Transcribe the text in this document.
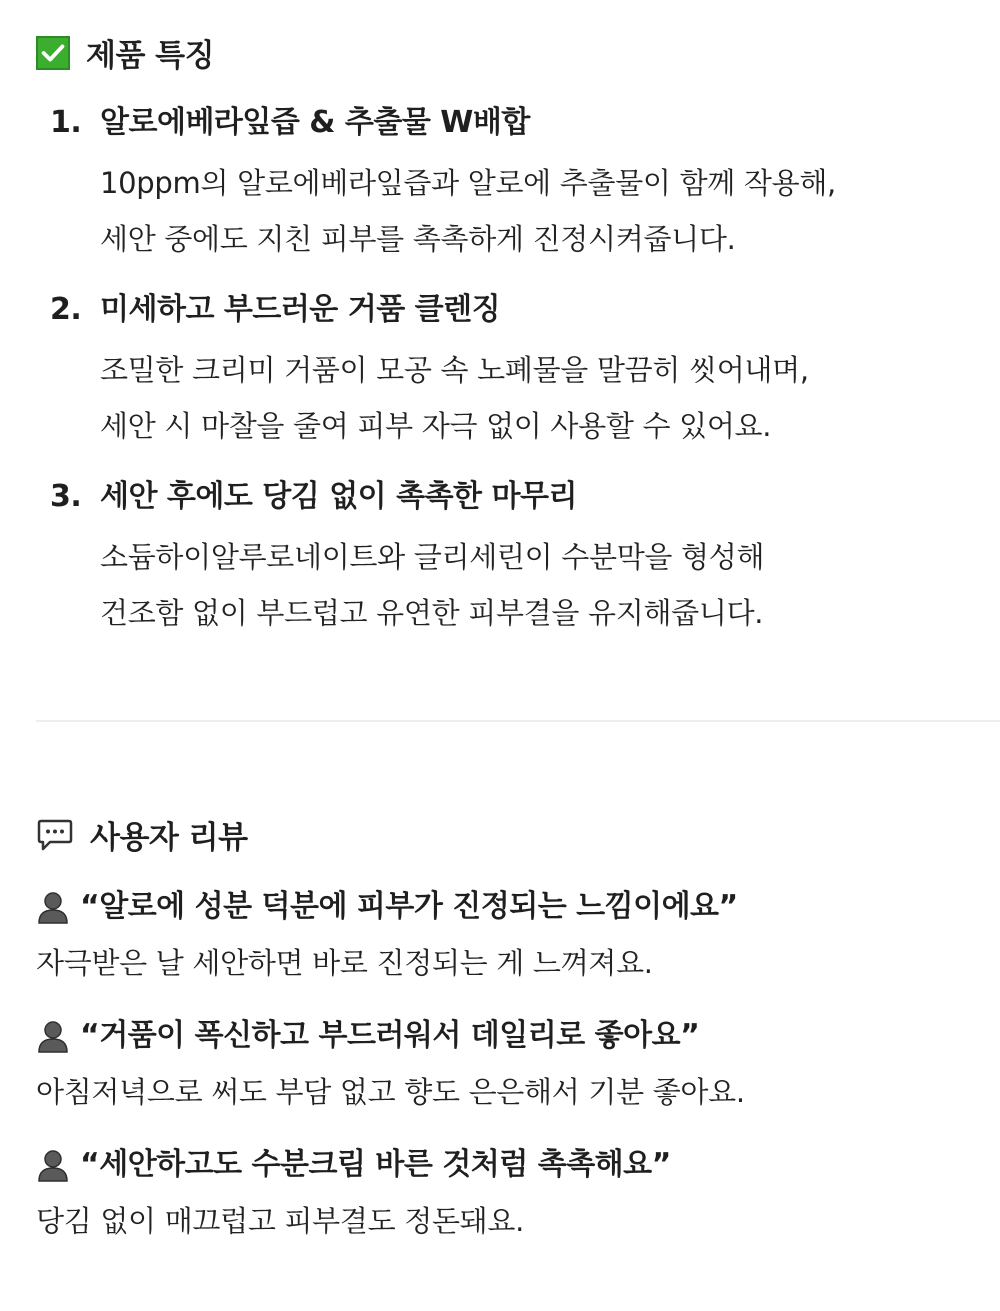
제품 특징
1. 알로에베라잎즙 & 추출물 W배합
10ppm의 알로에베라잎즙과 알로에 추출물이 함께 작용해,
세안 중에도 지친 피부를 촉촉하게 진정시켜줍니다.
2. 미세하고 부드러운 거품 클렌징
조밀한 크리미 거품이 모공 속 노폐물을 말끔히 씻어내며,
세안 시 마찰을 줄여 피부 자극 없이 사용할 수 있어요.
3. 세안 후에도 당김 없이 촉촉한 마무리
소듐하이알루로네이트와 글리세린이 수분막을 형성해
건조함 없이 부드럽고 유연한 피부결을 유지해줍니다.
사용자 리뷰
“알로에 성분 덕분에 피부가 진정되는 느낌이에요”
자극받은 날 세안하면 바로 진정되는 게 느껴져요.
“거품이 폭신하고 부드러워서 데일리로 좋아요”
아침저녁으로 써도 부담 없고 향도 은은해서 기분 좋아요.
“세안하고도 수분크림 바른 것처럼 촉촉해요”
당김 없이 매끄럽고 피부결도 정돈돼요.
